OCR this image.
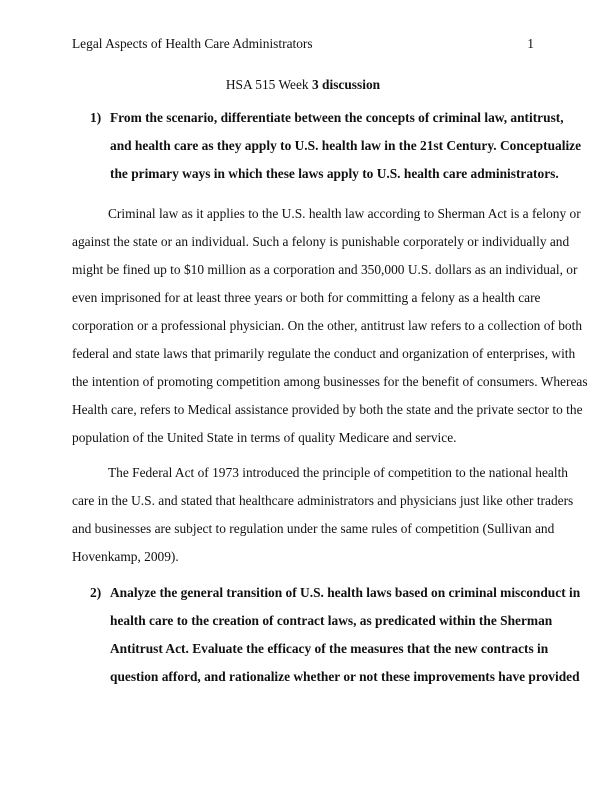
Legal Aspects of Health Care Administrators	1
HSA 515 Week 3 discussion
1) From the scenario, differentiate between the concepts of criminal law, antitrust,
and health care as they apply to U.S. health law in the 21st Century. Conceptualize
the primary ways in which these laws apply to U.S. health care administrators.
Criminal law as it applies to the U.S. health law according to Sherman Act is a felony or
against the state or an individual. Such a felony is punishable corporately or individually and
might be fined up to $10 million as a corporation and 350,000 U.S. dollars as an individual, or
even imprisoned for at least three years or both for committing a felony as a health care
corporation or a professional physician. On the other, antitrust law refers to a collection of both
federal and state laws that primarily regulate the conduct and organization of enterprises, with
the intention of promoting competition among businesses for the benefit of consumers. Whereas
Health care, refers to Medical assistance provided by both the state and the private sector to the
population of the United State in terms of quality Medicare and service.
The Federal Act of 1973 introduced the principle of competition to the national health
care in the U.S. and stated that healthcare administrators and physicians just like other traders
and businesses are subject to regulation under the same rules of competition (Sullivan and
Hovenkamp, 2009).
2) Analyze the general transition of U.S. health laws based on criminal misconduct in
health care to the creation of contract laws, as predicated within the Sherman
Antitrust Act. Evaluate the efficacy of the measures that the new contracts in
question afford, and rationalize whether or not these improvements have provided
